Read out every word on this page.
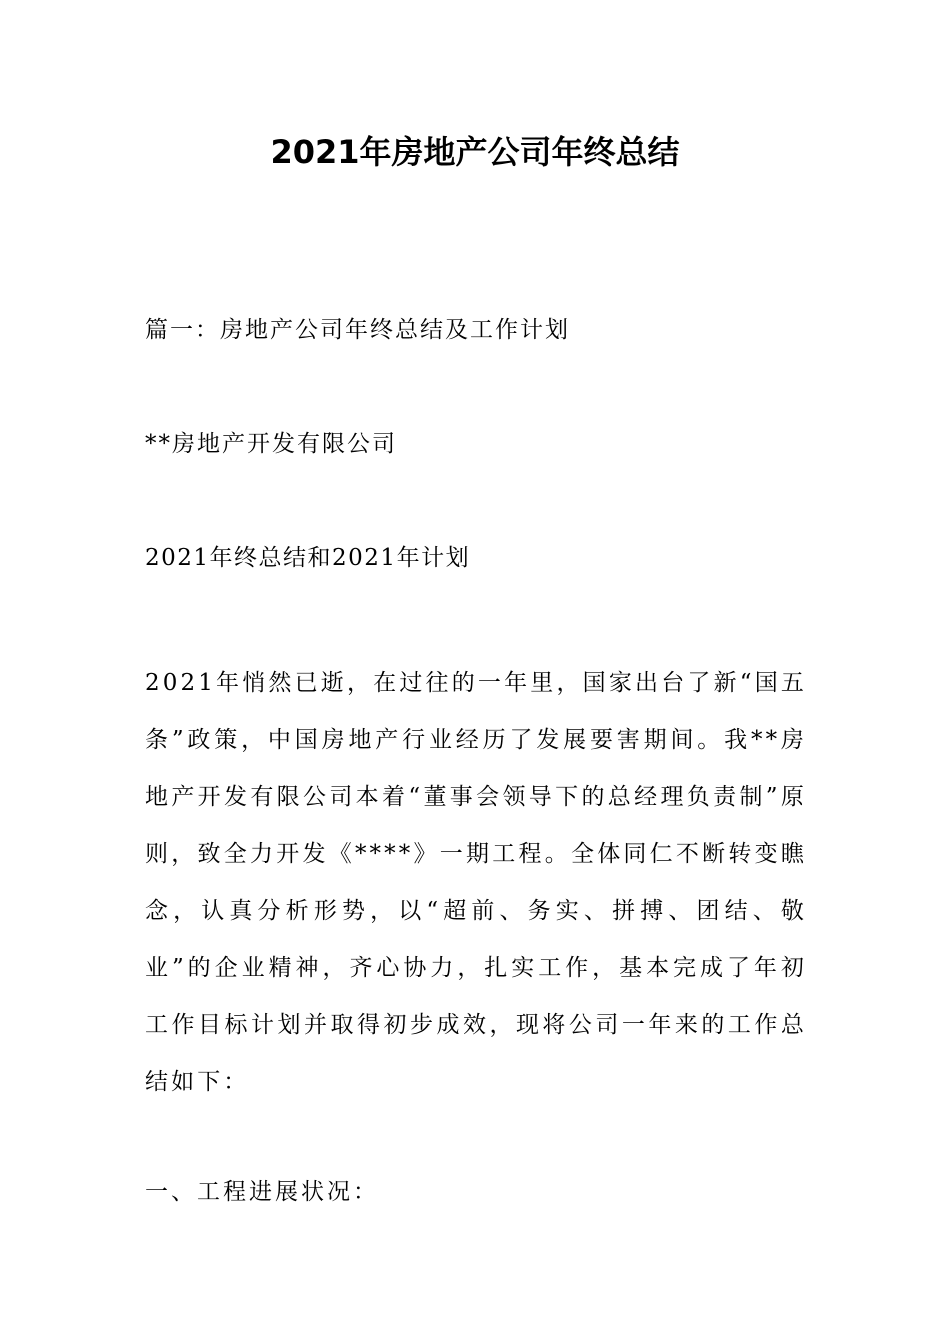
2021年房地产公司年终总结
篇一：房地产公司年终总结及工作计划
**房地产开发有限公司
2021年终总结和2021年计划
2021年悄然已逝，在过往的一年里，国家出台了新“国五条”政策，中国房地产行业经历了发展要害期间。我**房地产开发有限公司本着“董事会领导下的总经理负责制”原则，致全力开发《****》一期工程。全体同仁不断转变瞧念，认真分析形势，以“超前、务实、拼搏、团结、敬业”的企业精神，齐心协力，扎实工作，基本完成了年初工作目标计划并取得初步成效，现将公司一年来的工作总结如下：
一、工程进展状况：
